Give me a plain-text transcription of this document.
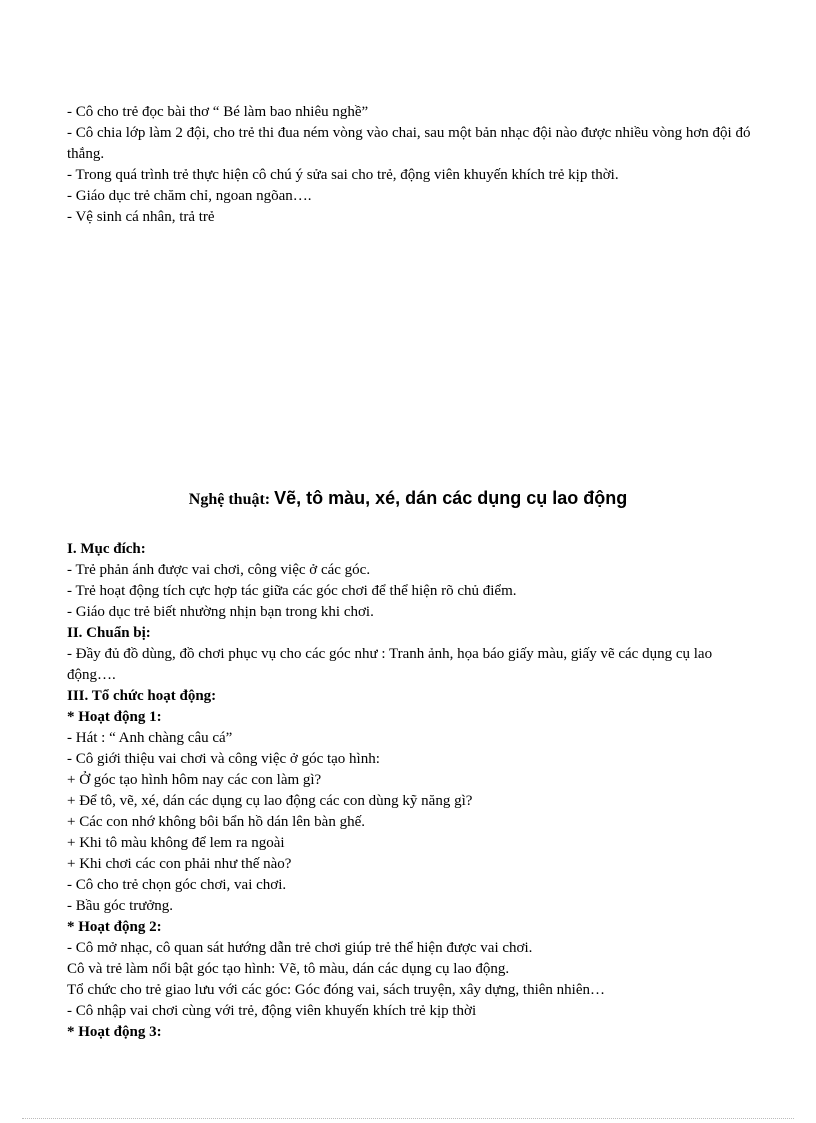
- Cô cho trẻ đọc bài thơ “ Bé làm bao nhiêu nghề”
- Cô chia lớp làm 2 đội, cho trẻ thi đua ném vòng vào chai, sau một bản nhạc đội nào được nhiều vòng hơn đội đó thắng.
- Trong quá trình trẻ thực hiện cô chú ý sửa sai cho trẻ, động viên khuyến khích trẻ kịp thời.
- Giáo dục trẻ chăm chỉ, ngoan ngõan….
- Vệ sinh cá nhân, trả trẻ
Nghệ thuật: Vẽ, tô màu, xé, dán các dụng cụ lao động
I. Mục đích:
- Trẻ phản ánh được vai chơi, công việc ở các góc.
- Trẻ hoạt động tích cực hợp tác giữa các góc chơi để thể hiện rõ chủ điểm.
- Giáo dục trẻ biết nhường nhịn bạn trong khi chơi.
II. Chuẩn bị:
- Đầy đủ đồ dùng, đồ chơi phục vụ cho các góc như : Tranh ảnh, họa báo giấy màu, giấy vẽ các dụng cụ lao động….
III. Tổ chức hoạt động:
* Hoạt động 1:
- Hát : “ Anh chàng câu cá”
- Cô giới thiệu vai chơi và công việc ở góc tạo hình:
+ Ở góc tạo hình hôm nay các con làm gì?
+ Để tô, vẽ, xé, dán các dụng cụ lao động các con dùng kỹ năng gì?
+ Các con nhớ không bôi bẩn hồ dán lên bàn ghế.
+ Khi tô màu không để lem ra ngoài
+ Khi chơi các con phải như thế nào?
- Cô cho trẻ chọn góc chơi, vai chơi.
- Bầu góc trưởng.
* Hoạt động 2:
- Cô mở nhạc, cô quan sát hướng dẫn trẻ chơi giúp trẻ thể hiện được vai chơi.
Cô và trẻ làm nổi bật góc tạo hình: Vẽ, tô màu, dán các dụng cụ lao động.
Tổ chức cho trẻ giao lưu với các góc: Góc đóng vai, sách truyện, xây dựng, thiên nhiên…
- Cô nhập vai chơi cùng với trẻ, động viên khuyến khích trẻ kịp thời
* Hoạt động 3:
